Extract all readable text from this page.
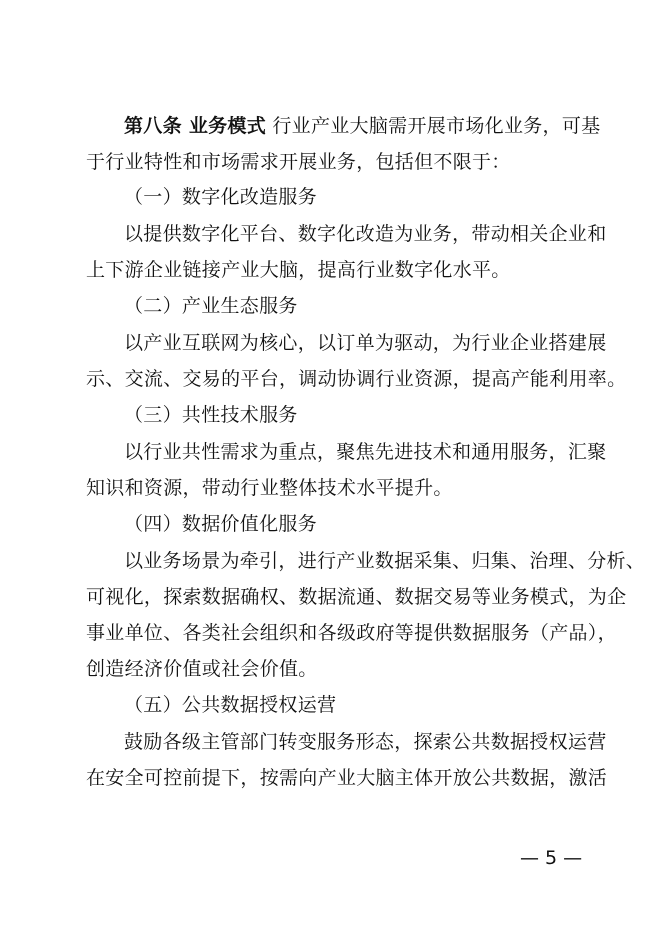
第八条 业务模式 行业产业大脑需开展市场化业务，可基
于行业特性和市场需求开展业务，包括但不限于：
（一）数字化改造服务
以提供数字化平台、数字化改造为业务，带动相关企业和
上下游企业链接产业大脑，提高行业数字化水平。
（二）产业生态服务
以产业互联网为核心，以订单为驱动，为行业企业搭建展
示、交流、交易的平台，调动协调行业资源，提高产能利用率。
（三）共性技术服务
以行业共性需求为重点，聚焦先进技术和通用服务，汇聚
知识和资源，带动行业整体技术水平提升。
（四）数据价值化服务
以业务场景为牵引，进行产业数据采集、归集、治理、分析、
可视化，探索数据确权、数据流通、数据交易等业务模式，为企
事业单位、各类社会组织和各级政府等提供数据服务（产品），
创造经济价值或社会价值。
（五）公共数据授权运营
鼓励各级主管部门转变服务形态，探索公共数据授权运营
在安全可控前提下，按需向产业大脑主体开放公共数据，激活
— 5 —
